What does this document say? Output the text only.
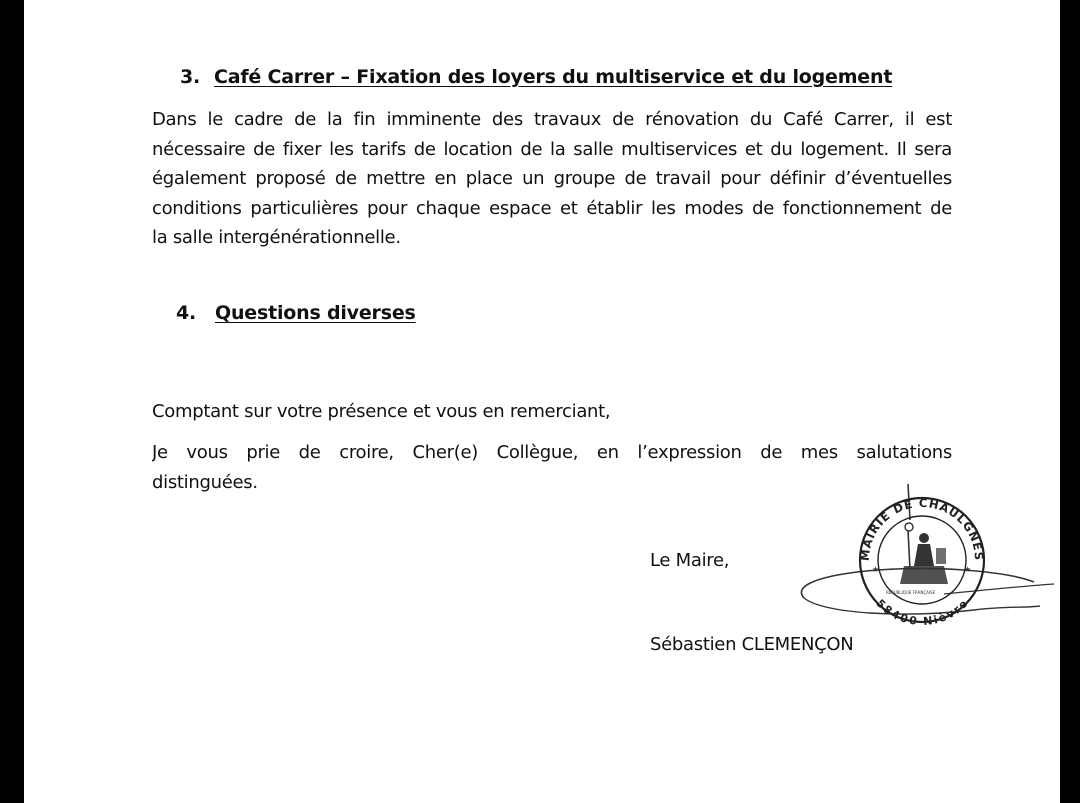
3. Café Carrer – Fixation des loyers du multiservice et du logement
Dans le cadre de la fin imminente des travaux de rénovation du Café Carrer, il est
nécessaire de fixer les tarifs de location de la salle multiservices et du logement. Il sera
également proposé de mettre en place un groupe de travail pour définir d’éventuelles
conditions particulières pour chaque espace et établir les modes de fonctionnement de
la salle intergénérationnelle.
4. Questions diverses
Comptant sur votre présence et vous en remerciant,
Je vous prie de croire, Cher(e) Collègue, en l’expression de mes salutations
distinguées.
Le Maire,	MAIRIE DE CHAULGNES
58400 Nièvre
RÉPUBLIQUE FRANÇAISE
★	★
Sébastien CLEMENÇON
